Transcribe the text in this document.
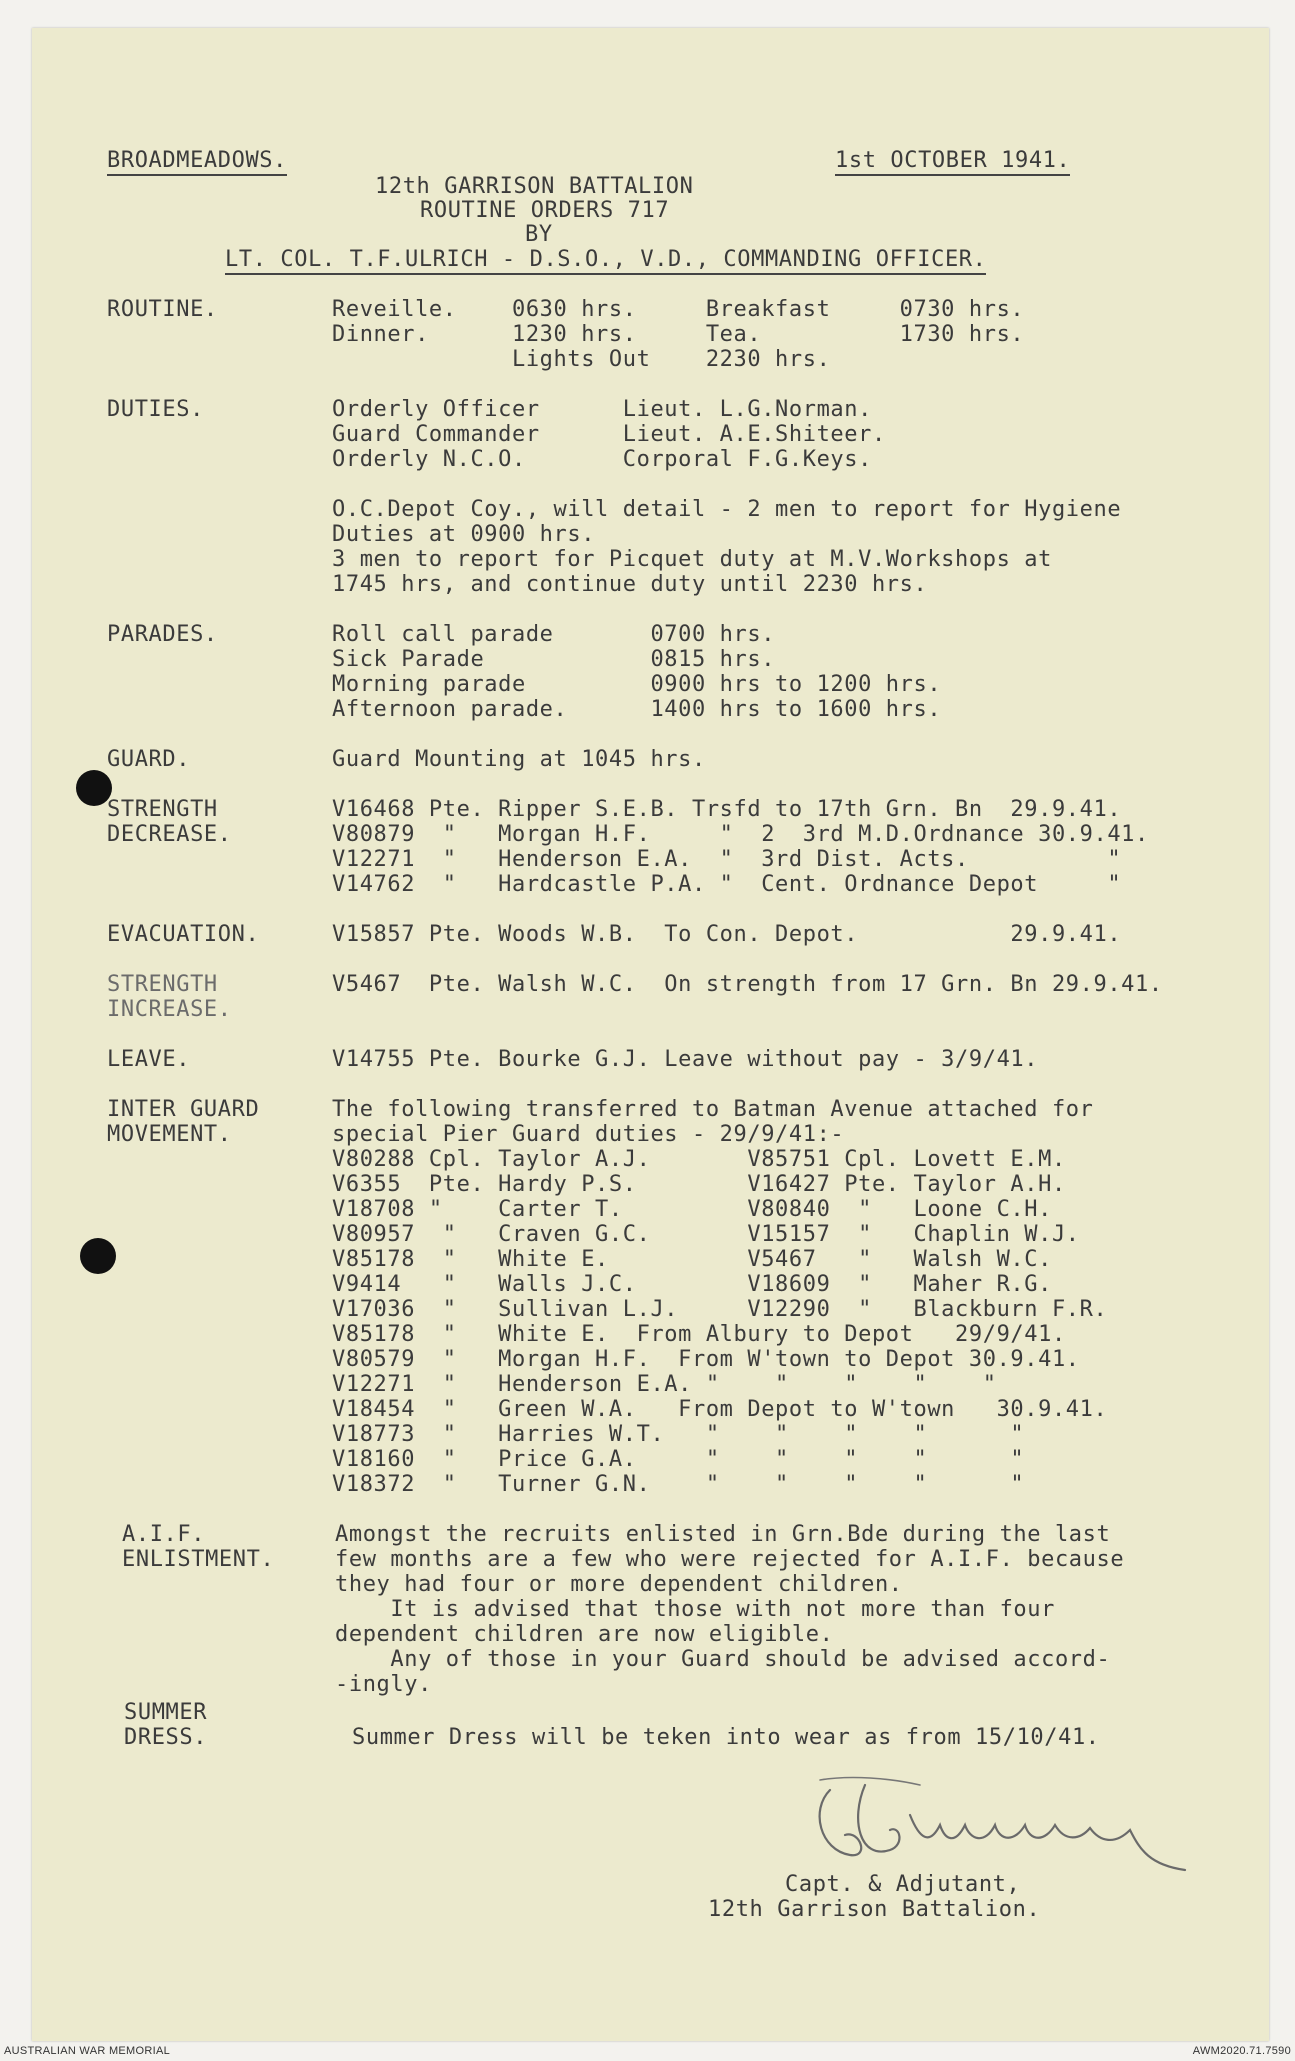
BROADMEADOWS.	1st OCTOBER 1941.
12th GARRISON BATTALION
ROUTINE ORDERS 717
BY
LT. COL. T.F.ULRICH - D.S.O., V.D., COMMANDING OFFICER.
ROUTINE.	Reveille.    0630 hrs.     Breakfast     0730 hrs.
Dinner.      1230 hrs.     Tea.          1730 hrs.
Lights Out    2230 hrs.
DUTIES.	Orderly Officer      Lieut. L.G.Norman.
Guard Commander      Lieut. A.E.Shiteer.
Orderly N.C.O.       Corporal F.G.Keys.
O.C.Depot Coy., will detail - 2 men to report for Hygiene
Duties at 0900 hrs.
3 men to report for Picquet duty at M.V.Workshops at
1745 hrs, and continue duty until 2230 hrs.
PARADES.	Roll call parade       0700 hrs.
Sick Parade            0815 hrs.
Morning parade         0900 hrs to 1200 hrs.
Afternoon parade.      1400 hrs to 1600 hrs.
GUARD.	Guard Mounting at 1045 hrs.
STRENGTH
DECREASE.
V16468 Pte. Ripper S.E.B. Trsfd to 17th Grn. Bn  29.9.41.
V80879  "   Morgan H.F.     "  2  3rd M.D.Ordnance 30.9.41.
V12271  "   Henderson E.A.  "  3rd Dist. Acts.          "
V14762  "   Hardcastle P.A. "  Cent. Ordnance Depot     "
EVACUATION.	V15857 Pte. Woods W.B.  To Con. Depot.           29.9.41.
STRENGTH
INCREASE.
V5467  Pte. Walsh W.C.  On strength from 17 Grn. Bn 29.9.41.
LEAVE.	V14755 Pte. Bourke G.J. Leave without pay - 3/9/41.
INTER GUARD
MOVEMENT.
The following transferred to Batman Avenue attached for
special Pier Guard duties - 29/9/41:-
V80288 Cpl. Taylor A.J.       V85751 Cpl. Lovett E.M.
V6355  Pte. Hardy P.S.        V16427 Pte. Taylor A.H.
V18708 "    Carter T.         V80840  "   Loone C.H.
V80957  "   Craven G.C.       V15157  "   Chaplin W.J.
V85178  "   White E.          V5467   "   Walsh W.C.
V9414   "   Walls J.C.        V18609  "   Maher R.G.
V17036  "   Sullivan L.J.     V12290  "   Blackburn F.R.
V85178  "   White E.  From Albury to Depot   29/9/41.
V80579  "   Morgan H.F.  From W'town to Depot 30.9.41.
V12271  "   Henderson E.A. "    "    "    "    "
V18454  "   Green W.A.   From Depot to W'town   30.9.41.
V18773  "   Harries W.T.   "    "    "    "      "
V18160  "   Price G.A.     "    "    "    "      "
V18372  "   Turner G.N.    "    "    "    "      "
A.I.F.
ENLISTMENT.
Amongst the recruits enlisted in Grn.Bde during the last
few months are a few who were rejected for A.I.F. because
they had four or more dependent children.
It is advised that those with not more than four
dependent children are now eligible.
Any of those in your Guard should be advised accord-
-ingly.
SUMMER
DRESS.	Summer Dress will be teken into wear as from 15/10/41.
Capt. & Adjutant,
12th Garrison Battalion.
AUSTRALIAN WAR MEMORIAL	AWM2020.71.7590
